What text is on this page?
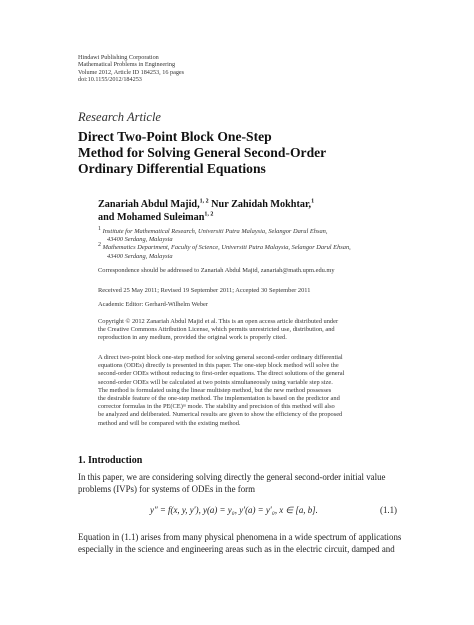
Hindawi Publishing Corporation
Mathematical Problems in Engineering
Volume 2012, Article ID 184253, 16 pages
doi:10.1155/2012/184253
Research Article
Direct Two-Point Block One-Step
Method for Solving General Second-Order
Ordinary Differential Equations
Zanariah Abdul Majid,$^{1, 2}$ Nur Zahidah Mokhtar,$^1$
and Mohamed Suleiman$^{1, 2}$
$^1$ Institute for Mathematical Research, Universiti Putra Malaysia, Selangor Darul Ehsan,
43400 Serdang, Malaysia
$^2$ Mathematics Department, Faculty of Science, Universiti Putra Malaysia, Selangor Darul Ehsan,
43400 Serdang, Malaysia
Correspondence should be addressed to Zanariah Abdul Majid, zanariah@math.upm.edu.my
Received 25 May 2011; Revised 19 September 2011; Accepted 30 September 2011
Academic Editor: Gerhard-Wilhelm Weber
Copyright © 2012 Zanariah Abdul Majid et al. This is an open access article distributed under
the Creative Commons Attribution License, which permits unrestricted use, distribution, and
reproduction in any medium, provided the original work is properly cited.
A direct two-point block one-step method for solving general second-order ordinary differential
equations (ODEs) directly is presented in this paper. The one-step block method will solve the
second-order ODEs without reducing to first-order equations. The direct solutions of the general
second-order ODEs will be calculated at two points simultaneously using variable step size.
The method is formulated using the linear multistep method, but the new method possesses
the desirable feature of the one-step method. The implementation is based on the predictor and
corrector formulas in the PE(CE)ᵐ mode. The stability and precision of this method will also
be analyzed and deliberated. Numerical results are given to show the efficiency of the proposed
method and will be compared with the existing method.
1. Introduction
In this paper, we are considering solving directly the general second-order initial value
problems (IVPs) for systems of ODEs in the form
y″ = f(x, y, y′), y(a) = y₀, y′(a) = y′₀, x ∈ [a, b].	(1.1)
Equation in (1.1) arises from many physical phenomena in a wide spectrum of applications
especially in the science and engineering areas such as in the electric circuit, damped and
